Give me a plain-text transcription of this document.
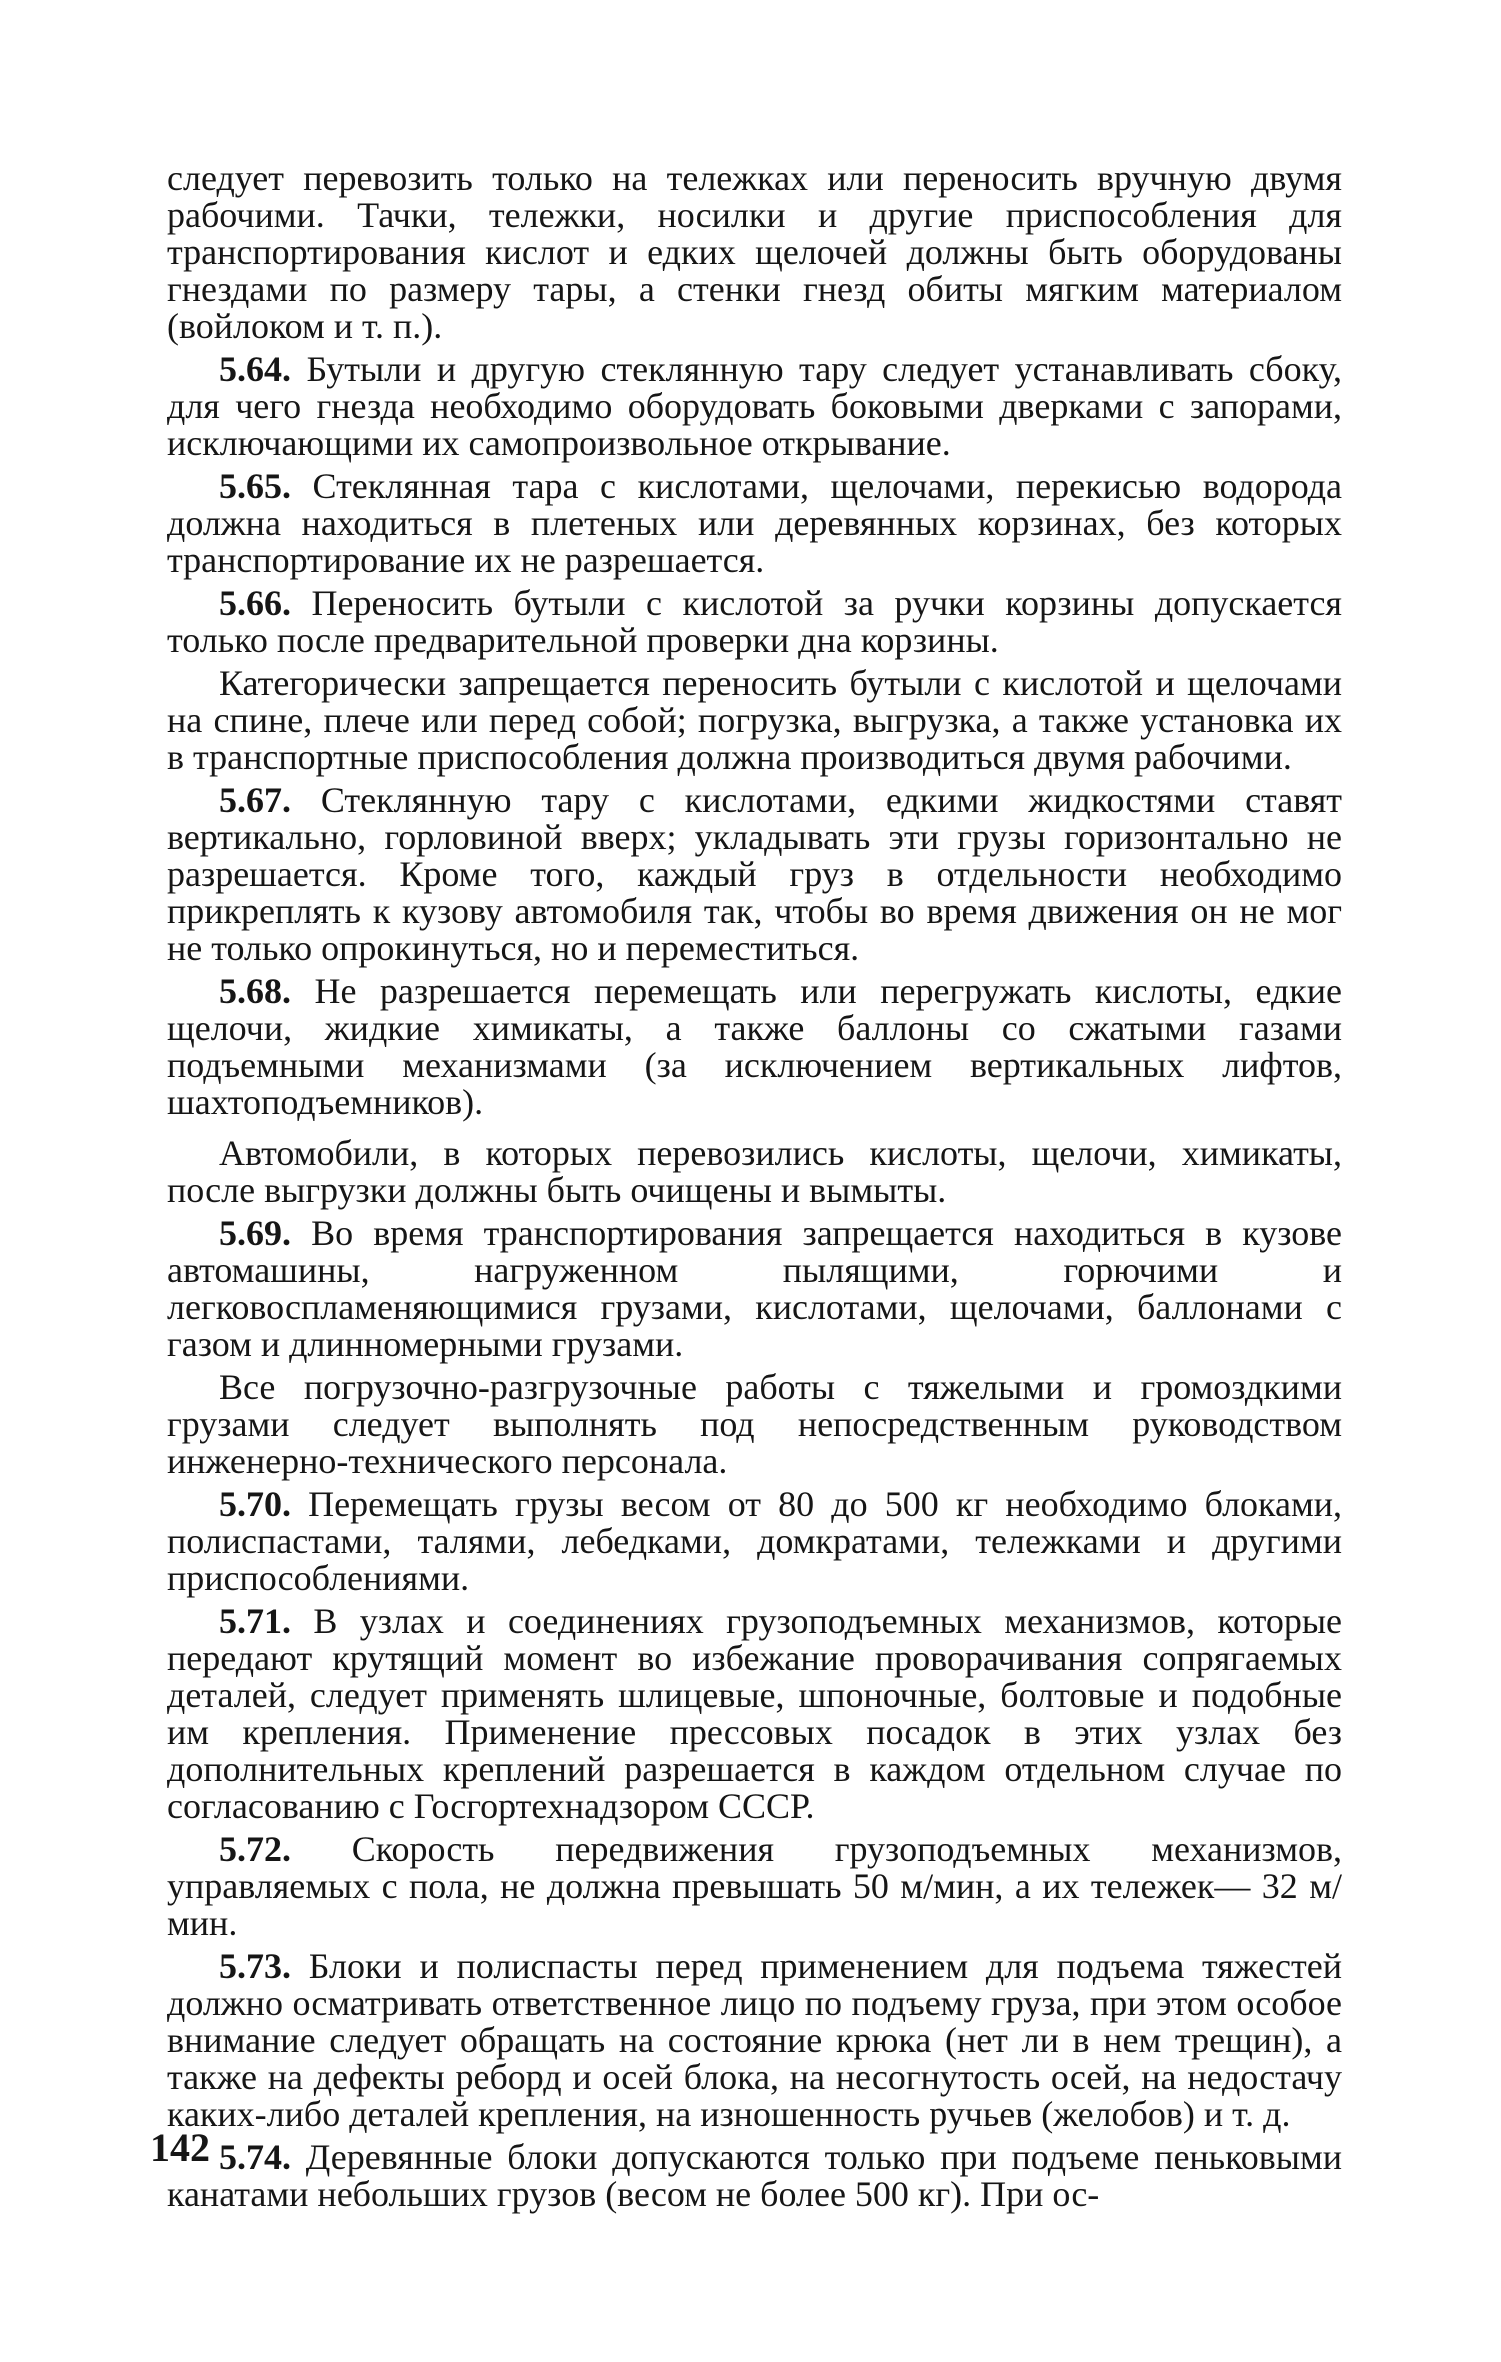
следует перевозить только на тележках или переносить вручную двумя рабочими. Тачки, тележки, носилки и другие приспособления для транспортирования кислот и едких щелочей должны быть оборудованы гнездами по размеру тары, а стенки гнезд обиты мягким материалом (войлоком и т. п.).

5.64. Бутыли и другую стеклянную тару следует устанавливать сбоку, для чего гнезда необходимо оборудовать боковыми дверками с запорами, исключающими их самопроизвольное открывание.

5.65. Стеклянная тара с кислотами, щелочами, перекисью водорода должна находиться в плетеных или деревянных корзинах, без которых транспортирование их не разрешается.

5.66. Переносить бутыли с кислотой за ручки корзины допускается только после предварительной проверки дна корзины.

Категорически запрещается переносить бутыли с кислотой и щелочами на спине, плече или перед собой; погрузка, выгрузка, а также установка их в транспортные приспособления должна производиться двумя рабочими.

5.67. Стеклянную тару с кислотами, едкими жидкостями ставят вертикально, горловиной вверх; укладывать эти грузы горизонтально не разрешается. Кроме того, каждый груз в отдельности необходимо прикреплять к кузову автомобиля так, чтобы во время движения он не мог не только опрокинуться, но и переместиться.

5.68. Не разрешается перемещать или перегружать кислоты, едкие щелочи, жидкие химикаты, а также баллоны со сжатыми газами подъемными механизмами (за исключением вертикальных лифтов, шахтоподъемников).

Автомобили, в которых перевозились кислоты, щелочи, химикаты, после выгрузки должны быть очищены и вымыты.

5.69. Во время транспортирования запрещается находиться в кузове автомашины, нагруженном пылящими, горючими и легковоспламеняющимися грузами, кислотами, щелочами, баллонами с газом и длинномерными грузами.

Все погрузочно-разгрузочные работы с тяжелыми и громоздкими грузами следует выполнять под непосредственным руководством инженерно-технического персонала.

5.70. Перемещать грузы весом от 80 до 500 кг необходимо блоками, полиспастами, талями, лебедками, домкратами, тележками и другими приспособлениями.

5.71. В узлах и соединениях грузоподъемных механизмов, которые передают крутящий момент во избежание проворачивания сопрягаемых деталей, следует применять шлицевые, шпоночные, болтовые и подобные им крепления. Применение прессовых посадок в этих узлах без дополнительных креплений разрешается в каждом отдельном случае по согласованию с Госгортехнадзором СССР.

5.72. Скорость передвижения грузоподъемных механизмов, управляемых с пола, не должна превышать 50 м/мин, а их тележек— 32 м/мин.

5.73. Блоки и полиспасты перед применением для подъема тяжестей должно осматривать ответственное лицо по подъему груза, при этом особое внимание следует обращать на состояние крюка (нет ли в нем трещин), а также на дефекты реборд и осей блока, на несогнутость осей, на недостачу каких-либо деталей крепления, на изношенность ручьев (желобов) и т. д.

5.74. Деревянные блоки допускаются только при подъеме пеньковыми канатами небольших грузов (весом не более 500 кг). При ос-

142
